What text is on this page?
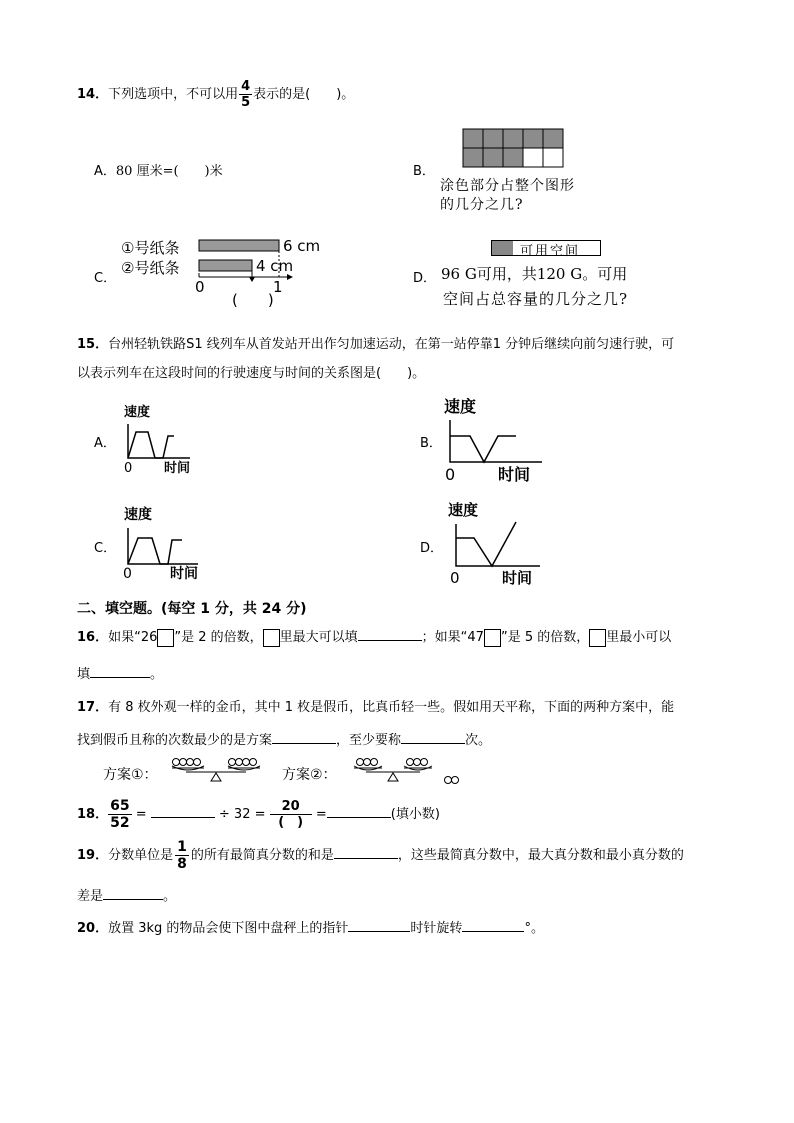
14．下列选项中，不可以用 $\frac{4}{5}$ 表示的是(　　)。
A．80 厘米=(　　)米	B．
涂色部分占整个图形
的几分之几?
C．
①号纸条
②号纸条
6 cm
4 cm
0	1
(　　)
D．
可用空间
96 G可用，共120 G。可用
空间占总容量的几分之几?
15．台州轻轨铁路S1 线列车从首发站开出作匀加速运动，在第一站停靠1 分钟后继续向前匀速行驶，可
以表示列车在这段时间的行驶速度与时间的关系图是(　　)。
A．
速度
0 时间
B．
速度
0	时间
C．
速度
0	时间
D．
速度
0	时间
二、填空题。(每空 1 分，共 24 分)
16．如果“26 ”是 2 的倍数， 里最大可以填	；如果“47 ”是 5 的倍数， 里最小可以
填	。
17．有 8 枚外观一样的金币，其中 1 枚是假币，比真币轻一些。假如用天平称，下面的两种方案中，能
找到假币且称的次数最少的是方案	，至少要称	次。
方案①：	方案②：
18． $\frac{65}{52}$ =	÷ $32 = \frac{20}{( )}$ =	(填小数)
19．分数单位是 $\frac{1}{8}$ 的所有最简真分数的和是	，这些最简真分数中，最大真分数和最小真分数的
差是	。
20．放置 3kg 的物品会使下图中盘秤上的指针	时针旋转	°。
